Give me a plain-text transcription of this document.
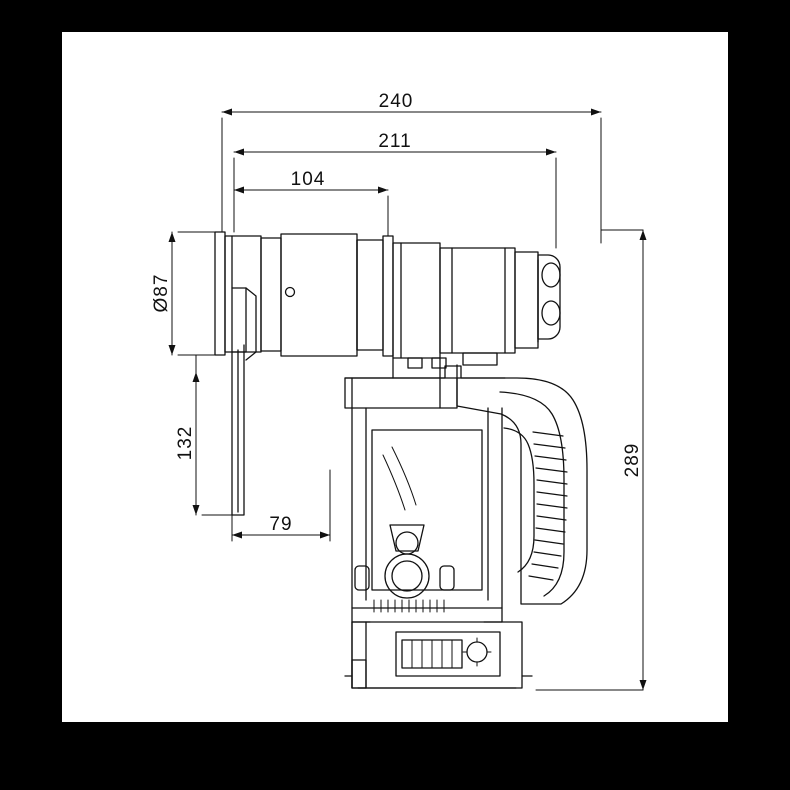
240
211
104
Ø87
132
79
289
